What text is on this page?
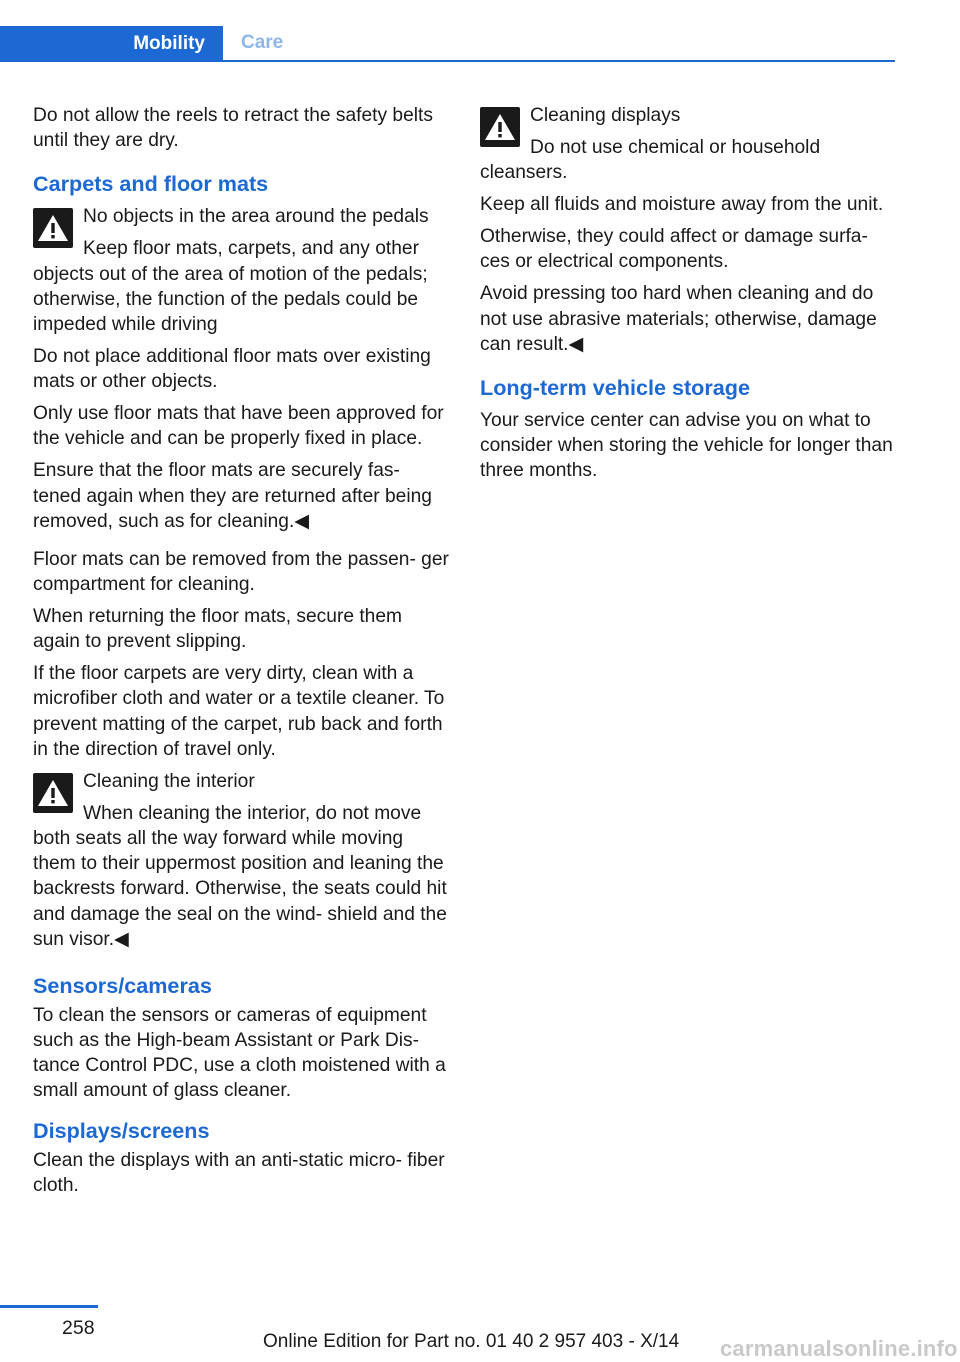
Mobility	Care

Do not allow the reels to retract the safety belts until they are dry.

Carpets and floor mats

No objects in the area around the pedals

Keep floor mats, carpets, and any other objects out of the area of motion of the pedals; otherwise, the function of the pedals could be impeded while driving

Do not place additional floor mats over existing mats or other objects.

Only use floor mats that have been approved for the vehicle and can be properly fixed in place.

Ensure that the floor mats are securely fas‐ tened again when they are returned after being removed, such as for cleaning.◀

Floor mats can be removed from the passen‐ ger compartment for cleaning.

When returning the floor mats, secure them again to prevent slipping.

If the floor carpets are very dirty, clean with a microfiber cloth and water or a textile cleaner. To prevent matting of the carpet, rub back and forth in the direction of travel only.

Cleaning the interior

When cleaning the interior, do not move both seats all the way forward while moving them to their uppermost position and leaning the backrests forward. Otherwise, the seats could hit and damage the seal on the wind‐ shield and the sun visor.◀

Sensors/cameras

To clean the sensors or cameras of equipment such as the High-beam Assistant or Park Dis‐ tance Control PDC, use a cloth moistened with a small amount of glass cleaner.

Displays/screens

Clean the displays with an anti-static micro‐ fiber cloth.

Cleaning displays

Do not use chemical or household cleansers.

Keep all fluids and moisture away from the unit.

Otherwise, they could affect or damage surfa‐ ces or electrical components.

Avoid pressing too hard when cleaning and do not use abrasive materials; otherwise, damage can result.◀

Long-term vehicle storage

Your service center can advise you on what to consider when storing the vehicle for longer than three months.

258
Online Edition for Part no. 01 40 2 957 403 - X/14 carmanualsonline.info
